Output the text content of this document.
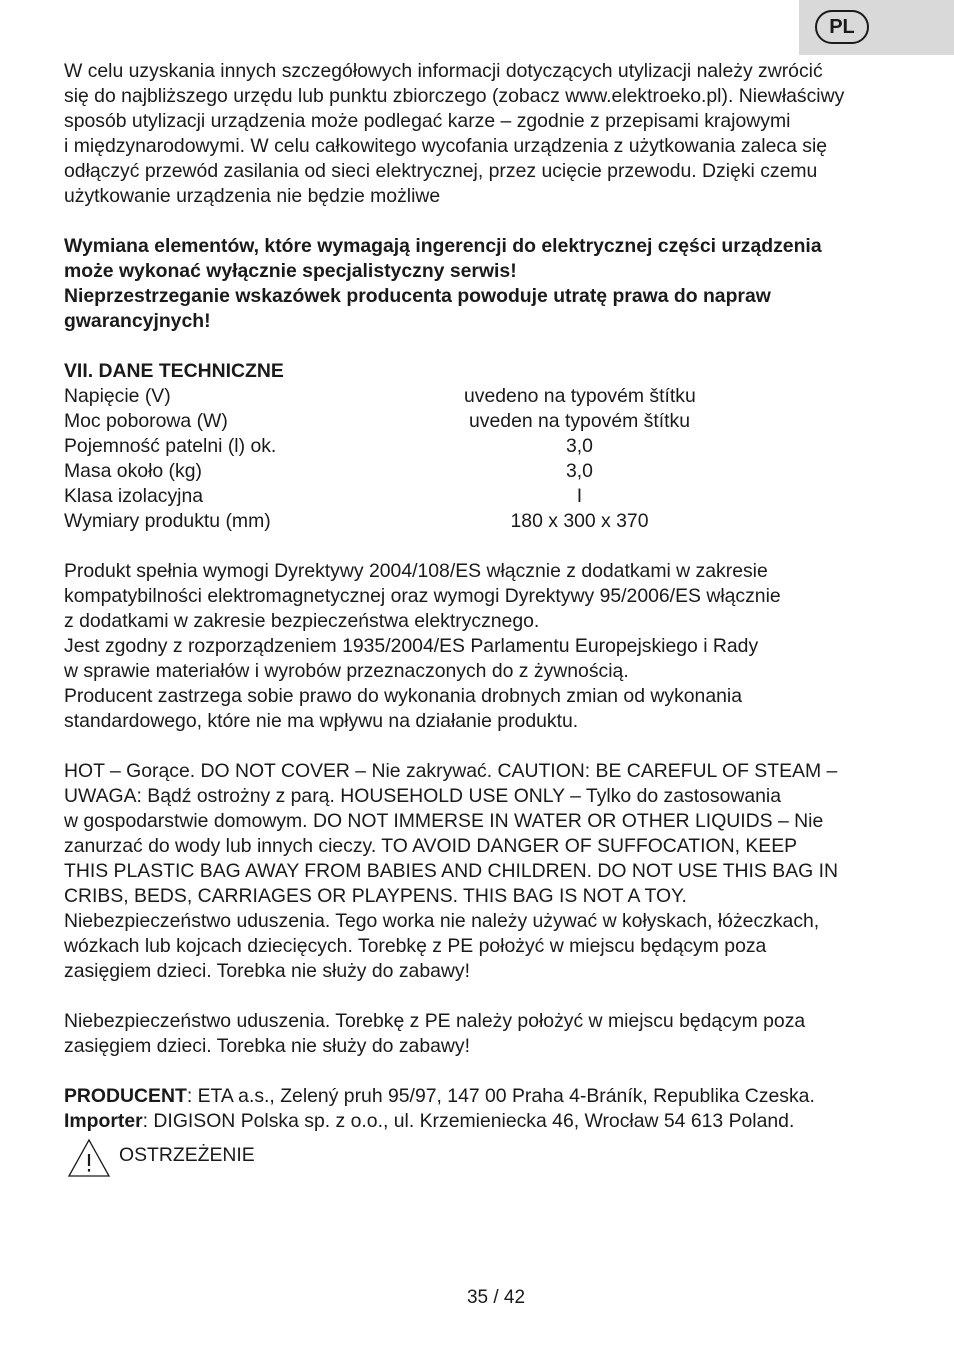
PL
W celu uzyskania innych szczegółowych informacji dotyczących utylizacji należy zwrócić
się do najbliższego urzędu lub punktu zbiorczego (zobacz www.elektroeko.pl). Niewłaściwy
sposób utylizacji urządzenia może podlegać karze – zgodnie z przepisami krajowymi
i międzynarodowymi. W celu całkowitego wycofania urządzenia z użytkowania zaleca się
odłączyć przewód zasilania od sieci elektrycznej, przez ucięcie przewodu. Dzięki czemu
użytkowanie urządzenia nie będzie możliwe
Wymiana elementów, które wymagają ingerencji do elektrycznej części urządzenia
może wykonać wyłącznie specjalistyczny serwis!
Nieprzestrzeganie wskazówek producenta powoduje utratę prawa do napraw
gwarancyjnych!
VII. DANE TECHNICZNE
Napięcie (V)	uvedeno na typovém štítku
Moc poborowa (W)	uveden na typovém štítku
Pojemność patelni (l) ok.	3,0
Masa około (kg)	3,0
Klasa izolacyjna	I
Wymiary produktu (mm)	180 x 300 x 370
Produkt spełnia wymogi Dyrektywy 2004/108/ES włącznie z dodatkami w zakresie
kompatybilności elektromagnetycznej oraz wymogi Dyrektywy 95/2006/ES włącznie
z dodatkami w zakresie bezpieczeństwa elektrycznego.
Jest zgodny z rozporządzeniem 1935/2004/ES Parlamentu Europejskiego i Rady
w sprawie materiałów i wyrobów przeznaczonych do z żywnością.
Producent zastrzega sobie prawo do wykonania drobnych zmian od wykonania
standardowego, które nie ma wpływu na działanie produktu.
HOT – Gorące. DO NOT COVER – Nie zakrywać. CAUTION: BE CAREFUL OF STEAM –
UWAGA: Bądź ostrożny z parą. HOUSEHOLD USE ONLY – Tylko do zastosowania
w gospodarstwie domowym. DO NOT IMMERSE IN WATER OR OTHER LIQUIDS – Nie
zanurzać do wody lub innych cieczy. TO AVOID DANGER OF SUFFOCATION, KEEP
THIS PLASTIC BAG AWAY FROM BABIES AND CHILDREN. DO NOT USE THIS BAG IN
CRIBS, BEDS, CARRIAGES OR PLAYPENS. THIS BAG IS NOT A TOY.
Niebezpieczeństwo uduszenia. Tego worka nie należy używać w kołyskach, łóżeczkach,
wózkach lub kojcach dziecięcych. Torebkę z PE położyć w miejscu będącym poza
zasięgiem dzieci. Torebka nie służy do zabawy!
Niebezpieczeństwo uduszenia. Torebkę z PE należy położyć w miejscu będącym poza
zasięgiem dzieci. Torebka nie służy do zabawy!
PRODUCENT: ETA a.s., Zelený pruh 95/97, 147 00 Praha 4-Bráník, Republika Czeska.
Importer: DIGISON Polska sp. z o.o., ul. Krzemieniecka 46, Wrocław 54 613 Poland.
OSTRZEŻENIE
35 / 42
